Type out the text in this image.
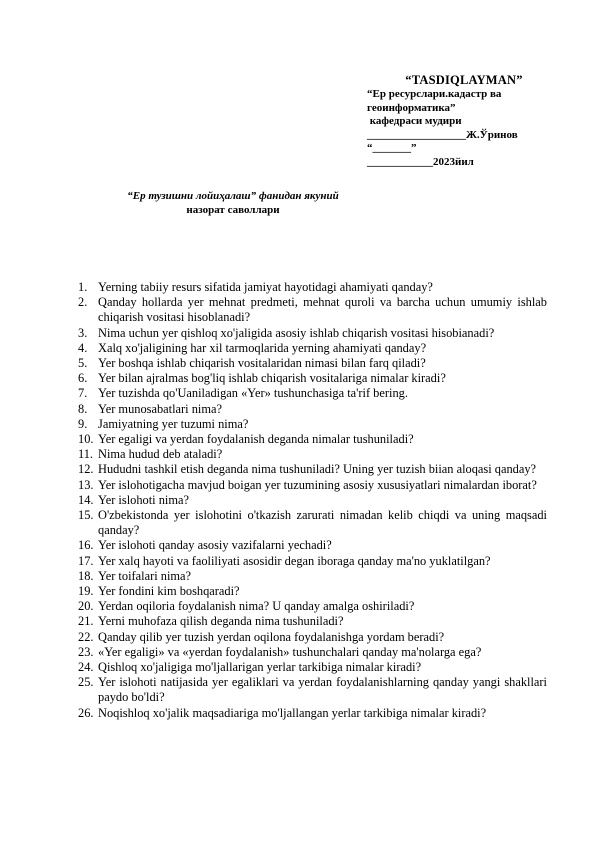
“TASDIQLAYMAN”
“Ер ресурслари.кадастр ва
геоинформатика”
кафедраси мудири
__________________Ж.Ўринов
“_______”
____________2023йил
“Ер тузишни лойиҳалаш” фанидан якуний
назорат саволлари
1. Yerning tabiiy resurs sifatida jamiyat hayotidagi ahamiyati qanday?
2. Qanday hollarda yer mehnat predmeti, mehnat quroli va barcha uchun umumiy ishlab chiqarish vositasi hisoblanadi?
3. Nima uchun yer qishloq xo'jaligida asosiy ishlab chiqarish vositasi hisobianadi?
4. Xalq xo'jaligining har xil tarmoqlarida yerning ahamiyati qanday?
5. Yer boshqa ishlab chiqarish vositalaridan nimasi bilan farq qiladi?
6. Yer bilan ajralmas bog'liq ishlab chiqarish vositalariga nimalar kiradi?
7. Yer tuzishda qo'Uaniladigan «Yer» tushunchasiga ta'rif bering.
8. Yer munosabatlari nima?
9. Jamiyatning yer tuzumi nima?
10. Yer egaligi va yerdan foydalanish deganda nimalar tushuniladi?
11. Nima hudud deb ataladi?
12. Hududni tashkil etish deganda nima tushuniladi? Uning yer tuzish biian aloqasi qanday?
13. Yer islohotigacha mavjud boigan yer tuzumining asosiy xususiyatlari nimalardan iborat?
14. Yer islohoti nima?
15. O'zbekistonda yer islohotini o'tkazish zarurati nimadan kelib chiqdi va uning maqsadi qanday?
16. Yer islohoti qanday asosiy vazifalarni yechadi?
17. Yer xalq hayoti va faoliliyati asosidir degan iboraga qanday ma'no yuklatilgan?
18. Yer toifalari nima?
19. Yer fondini kim boshqaradi?
20. Yerdan oqiloria foydalanish nima? U qanday amalga oshiriladi?
21. Yerni muhofaza qilish deganda nima tushuniladi?
22. Qanday qilib yer tuzish yerdan oqilona foydalanishga yordam beradi?
23. «Yer egaligi» va «yerdan foydalanish» tushunchalari qanday ma'nolarga ega?
24. Qishloq xo'jaligiga mo'ljallarigan yerlar tarkibiga nimalar kiradi?
25. Yer islohoti natijasida yer egaliklari va yerdan foydalanishlarning qanday yangi shakllari paydo bo'ldi?
26. Noqishloq xo'jalik maqsadiariga mo'ljallangan yerlar tarkibiga nimalar kiradi?
